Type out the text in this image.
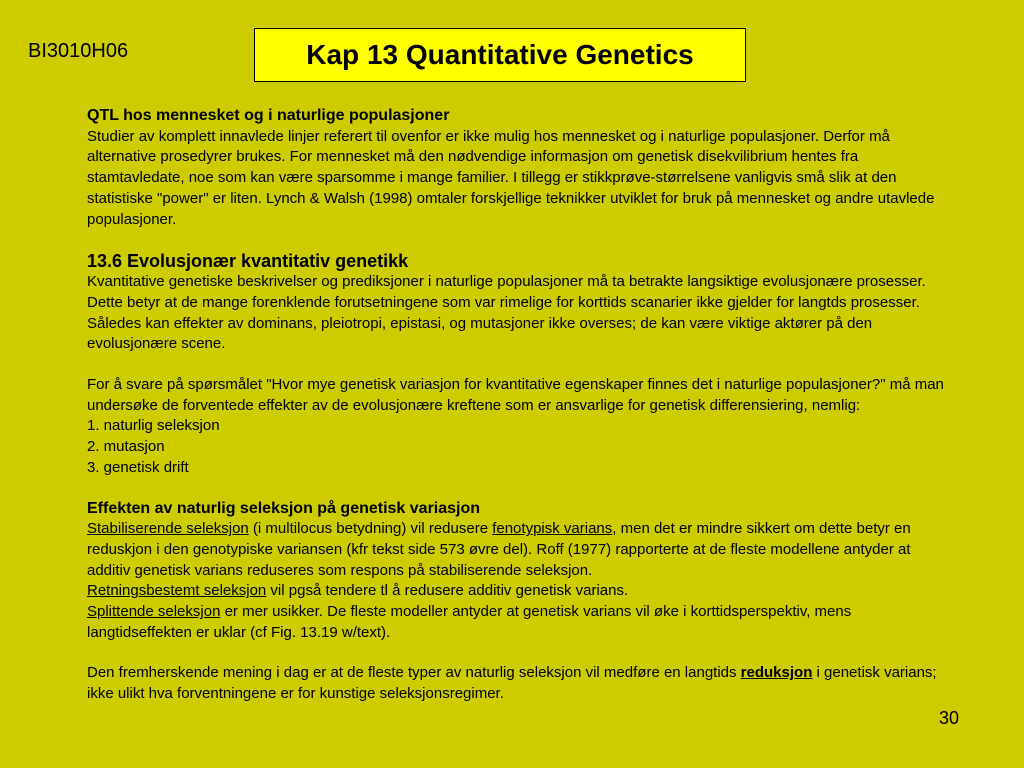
BI3010H06	Kap 13 Quantitative Genetics

QTL hos mennesket og i naturlige populasjoner

Studier av komplett innavlede linjer referert til ovenfor er ikke mulig hos mennesket og i naturlige populasjoner. Derfor må alternative prosedyrer brukes. For mennesket må den nødvendige informasjon om genetisk disekvilibrium hentes fra stamtavledate, noe som kan være sparsomme i mange familier. I tillegg er stikkprøve-størrelsene vanligvis små slik at den statistiske "power" er liten. Lynch & Walsh (1998) omtaler forskjellige teknikker utviklet for bruk på mennesket og andre utavlede populasjoner.

13.6 Evolusjonær kvantitativ genetikk

Kvantitative genetiske beskrivelser og prediksjoner i naturlige populasjoner må ta betrakte langsiktige evolusjonære prosesser. Dette betyr at de mange forenklende forutsetningene som var rimelige for korttids scanarier ikke gjelder for langtds prosesser. Således kan effekter av dominans, pleiotropi, epistasi, og mutasjoner ikke overses; de kan være viktige aktører på den evolusjonære scene.

For å svare på spørsmålet "Hvor mye genetisk variasjon for kvantitative egenskaper finnes det i naturlige populasjoner?" må man undersøke de forventede effekter av de evolusjonære kreftene som er ansvarlige for genetisk differensiering, nemlig:

1. naturlig seleksjon

2. mutasjon

3. genetisk drift

Effekten av naturlig seleksjon på genetisk variasjon

Stabiliserende seleksjon (i multilocus betydning) vil redusere fenotypisk varians, men det er mindre sikkert om dette betyr en reduskjon i den genotypiske variansen (kfr tekst side 573 øvre del). Roff (1977) rapporterte at de fleste modellene antyder at additiv genetisk varians reduseres som respons på stabiliserende seleksjon.

Retningsbestemt seleksjon vil pgså tendere tl å redusere additiv genetisk varians.

Splittende seleksjon er mer usikker. De fleste modeller antyder at genetisk varians vil øke i korttidsperspektiv, mens langtidseffekten er uklar (cf Fig. 13.19 w/text).

Den fremherskende mening i dag er at de fleste typer av naturlig seleksjon vil medføre en langtids reduksjon i genetisk varians; ikke ulikt hva forventningene er for kunstige seleksjonsregimer.

30
